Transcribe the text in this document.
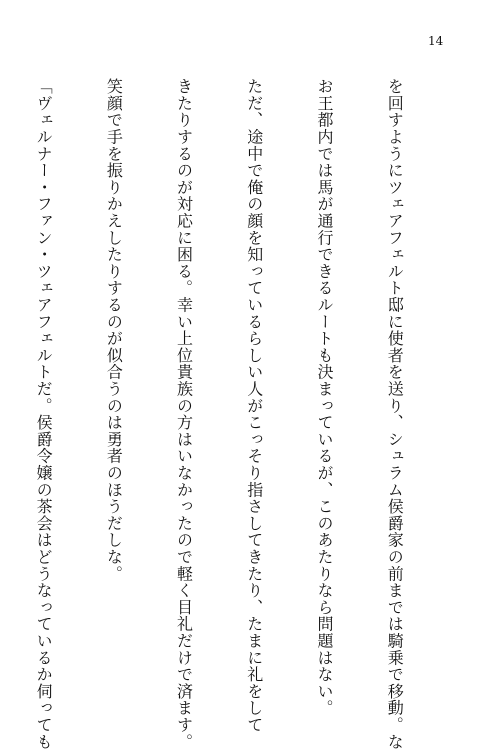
14

を回すようにツェアフェルト邸に使者を送り、シュラム侯爵家の前までは騎乗で移動。な

お王都内では馬が通行できるルートも決まっているが、このあたりなら問題はない。

ただ、途中で俺の顔を知っているらしい人がこっそり指さしてきたり、たまに礼をして

きたりするのが対応に困る。幸い上位貴族の方はいなかったので軽く目礼だけで済ます。

笑顔で手を振りかえしたりするのが似合うのは勇者のほうだしな。

「ヴェルナー・ファン・ツェアフェルトだ。侯爵令嬢の茶会はどうなっているか伺っても
